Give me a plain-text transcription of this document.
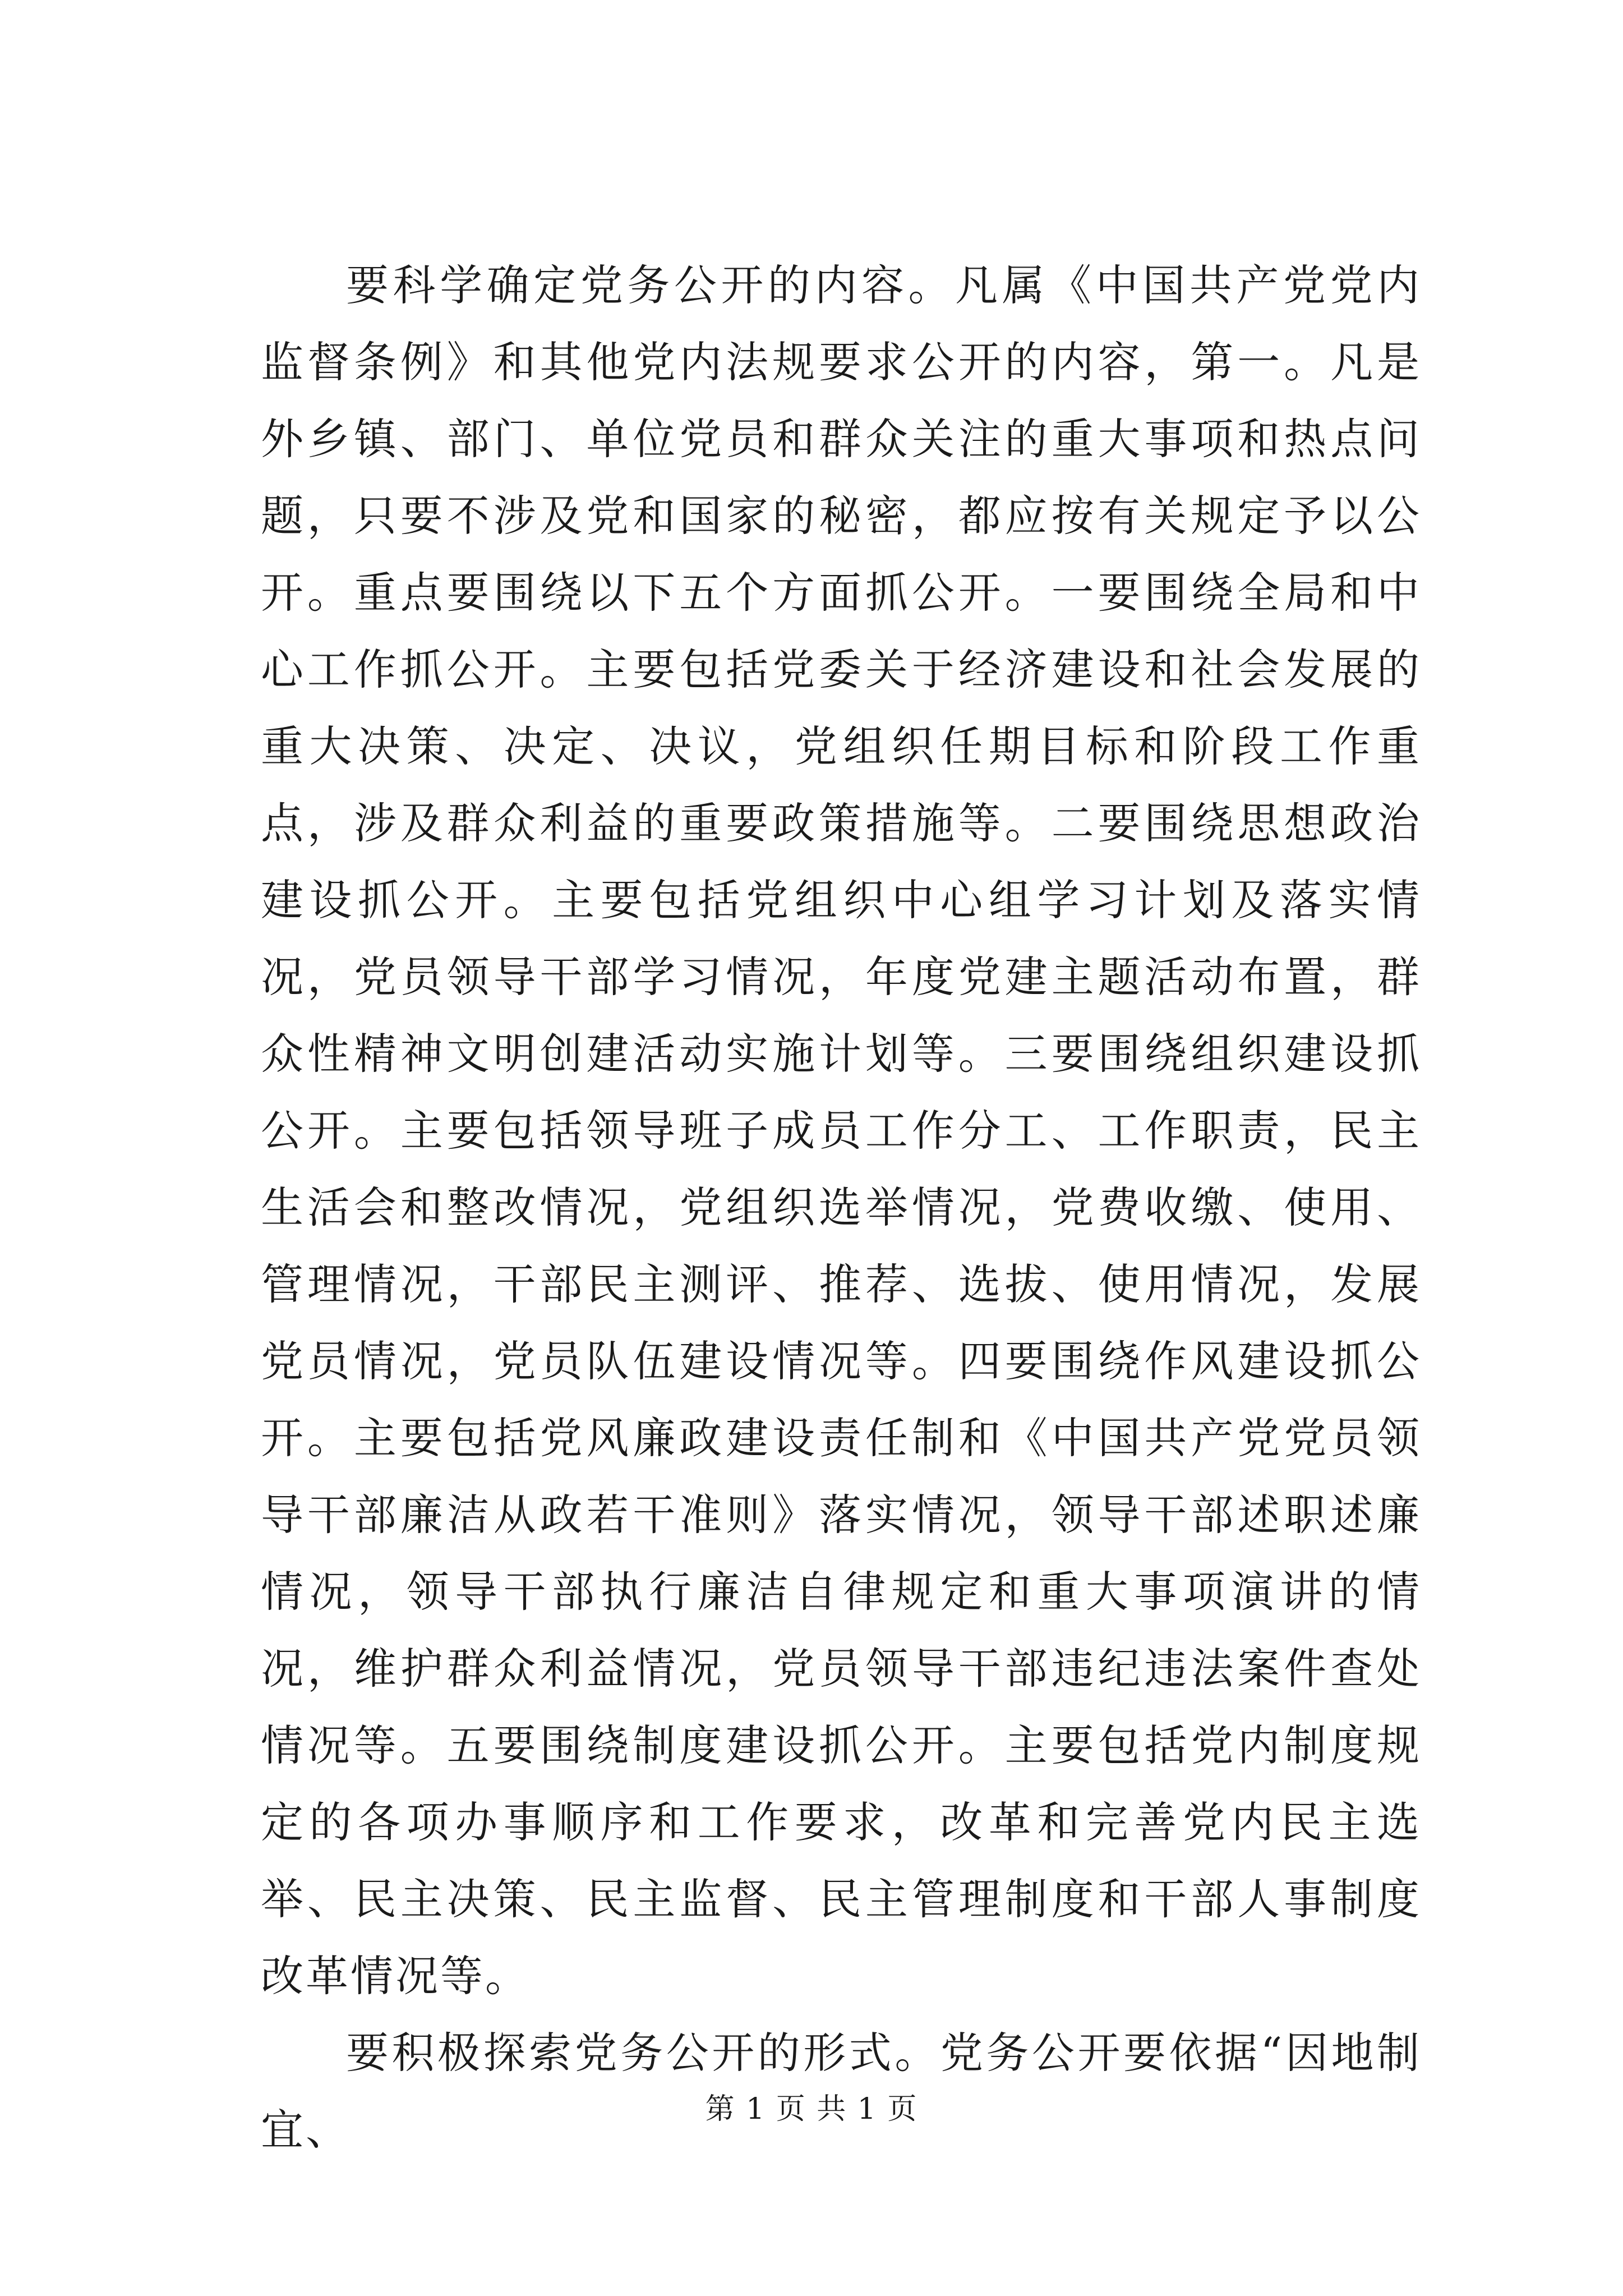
要科学确定党务公开的内容。凡属《中国共产党党内监督条例》和其他党内法规要求公开的内容，第一。凡是外乡镇、部门、单位党员和群众关注的重大事项和热点问题，只要不涉及党和国家的秘密，都应按有关规定予以公开。重点要围绕以下五个方面抓公开。一要围绕全局和中心工作抓公开。主要包括党委关于经济建设和社会发展的重大决策、决定、决议，党组织任期目标和阶段工作重点，涉及群众利益的重要政策措施等。二要围绕思想政治建设抓公开。主要包括党组织中心组学习计划及落实情况，党员领导干部学习情况，年度党建主题活动布置，群众性精神文明创建活动实施计划等。三要围绕组织建设抓公开。主要包括领导班子成员工作分工、工作职责，民主生活会和整改情况，党组织选举情况，党费收缴、使用、管理情况，干部民主测评、推荐、选拔、使用情况，发展党员情况，党员队伍建设情况等。四要围绕作风建设抓公开。主要包括党风廉政建设责任制和《中国共产党党员领导干部廉洁从政若干准则》落实情况，领导干部述职述廉情况，领导干部执行廉洁自律规定和重大事项演讲的情况，维护群众利益情况，党员领导干部违纪违法案件查处情况等。五要围绕制度建设抓公开。主要包括党内制度规定的各项办事顺序和工作要求，改革和完善党内民主选举、民主决策、民主监督、民主管理制度和干部人事制度改革情况等。

要积极探索党务公开的形式。党务公开要依据“因地制宜、	第 1 页 共 1 页
